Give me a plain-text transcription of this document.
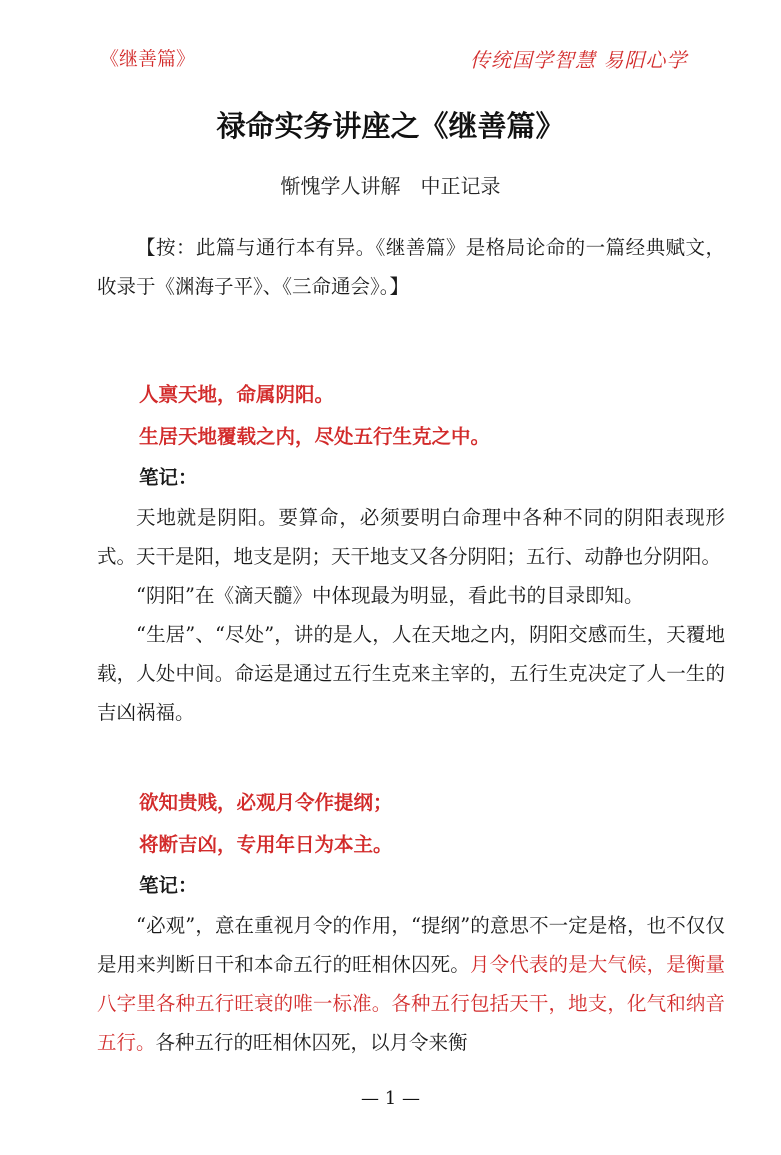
《继善篇》	传统国学智慧 易阳心学
禄命实务讲座之《继善篇》
惭愧学人讲解　中正记录

【按：此篇与通行本有异。《继善篇》是格局论命的一篇经典赋文，收录于《渊海子平》、《三命通会》。】

人禀天地，命属阴阳。

生居天地覆载之内，尽处五行生克之中。

笔记：

天地就是阴阳。要算命，必须要明白命理中各种不同的阴阳表现形式。天干是阳，地支是阴；天干地支又各分阴阳；五行、动静也分阴阳。

“阴阳”在《滴天髓》中体现最为明显，看此书的目录即知。

“生居”、“尽处”，讲的是人，人在天地之内，阴阳交感而生，天覆地载，人处中间。命运是通过五行生克来主宰的，五行生克决定了人一生的吉凶祸福。

欲知贵贱，必观月令作提纲；

将断吉凶，专用年日为本主。

笔记：

“必观”，意在重视月令的作用，“提纲”的意思不一定是格，也不仅仅是用来判断日干和本命五行的旺相休囚死。月令代表的是大气候，是衡量八字里各种五行旺衰的唯一标准。各种五行包括天干，地支，化气和纳音五行。各种五行的旺相休囚死，以月令来衡

— 1 —
